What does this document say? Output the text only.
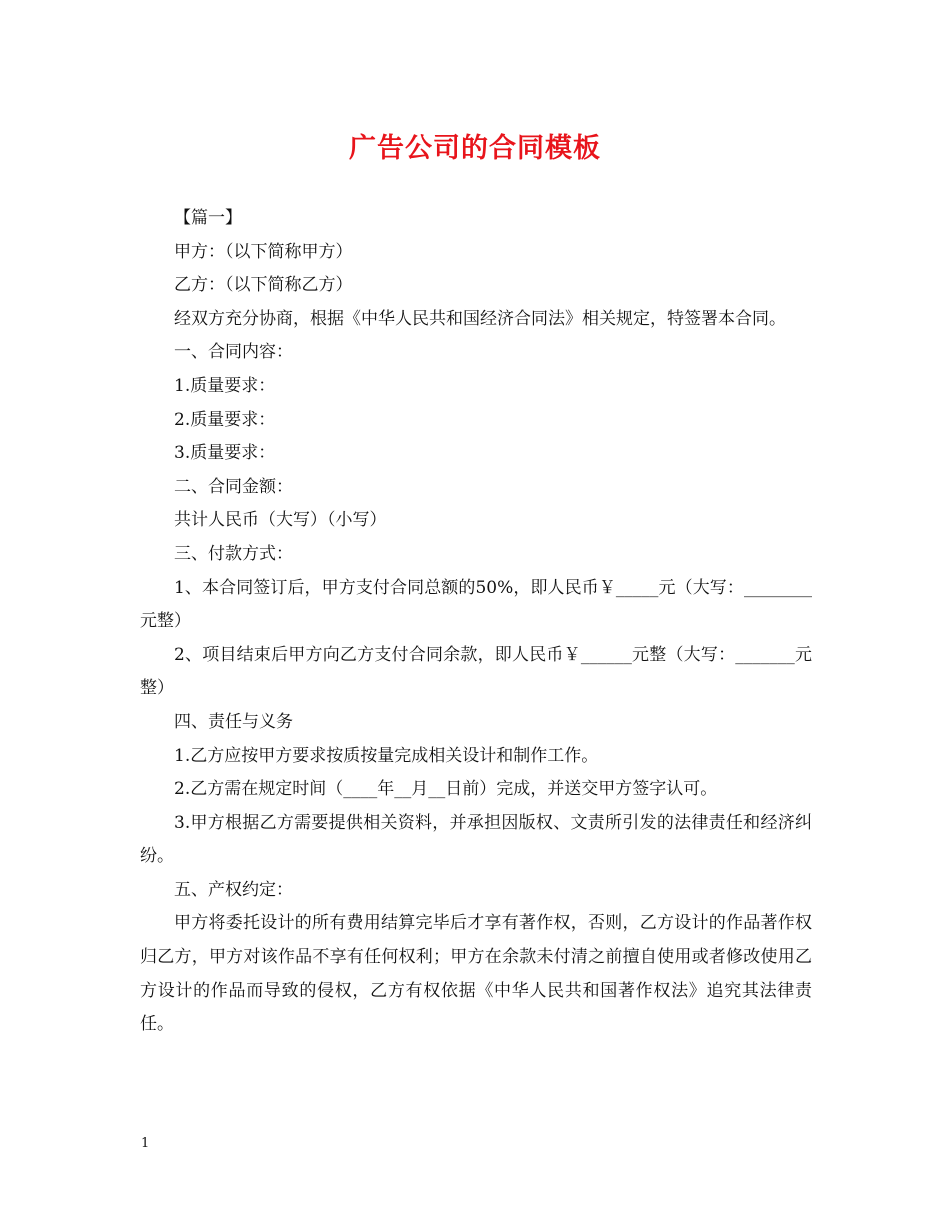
广告公司的合同模板

【篇一】

甲方：（以下简称甲方）

乙方：（以下简称乙方）

经双方充分协商，根据《中华人民共和国经济合同法》相关规定，特签署本合同。

一、合同内容：

1.质量要求：

2.质量要求：

3.质量要求：

二、合同金额：

共计人民币（大写）（小写）

三、付款方式：

1、本合同签订后，甲方支付合同总额的50%，即人民币￥_____元（大写：________元整）

2、项目结束后甲方向乙方支付合同余款，即人民币￥______元整（大写：_______元整）

四、责任与义务

1.乙方应按甲方要求按质按量完成相关设计和制作工作。

2.乙方需在规定时间（____年__月__日前）完成，并送交甲方签字认可。

3.甲方根据乙方需要提供相关资料，并承担因版权、文责所引发的法律责任和经济纠纷。

五、产权约定：

甲方将委托设计的所有费用结算完毕后才享有著作权，否则，乙方设计的作品著作权归乙方，甲方对该作品不享有任何权利；甲方在余款未付清之前擅自使用或者修改使用乙方设计的作品而导致的侵权，乙方有权依据《中华人民共和国著作权法》追究其法律责任。

1
